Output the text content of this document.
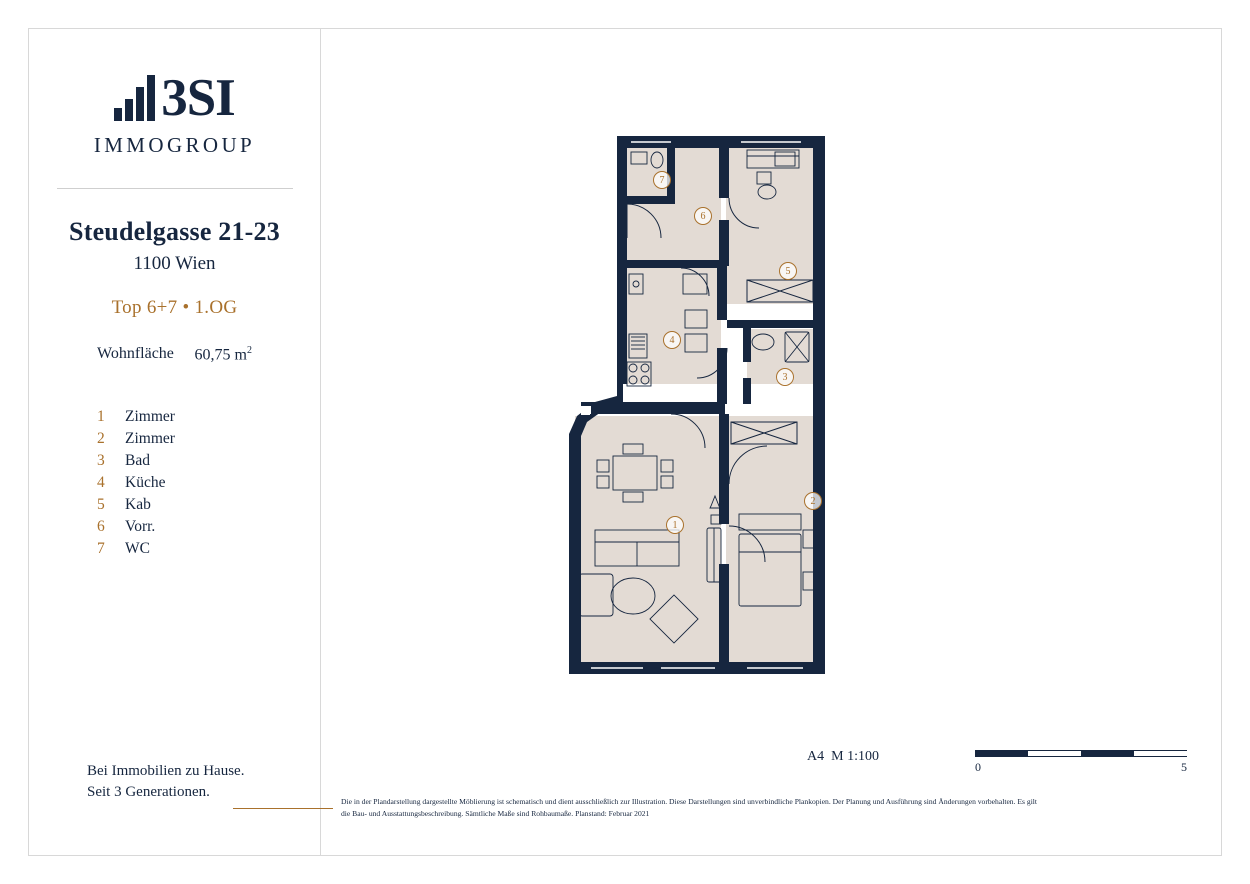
3SI
IMMOGROUP
Steudelgasse 21-23
1100 Wien
Top 6+7 • 1.OG
Wohnfläche 60,75 $m^2$
1	Zimmer
2	Zimmer
3	Bad
4	Küche
5	Kab
6	Vorr.
7	WC
Bei Immobilien zu Hause.
Seit 3 Generationen.
1
2
3
4
5
6
7
A4 M 1:100
0	5
Die in der Plandarstellung dargestellte Möblierung ist schematisch und dient ausschließlich zur Illustration. Diese Darstellungen sind unverbindliche Plankopien. Der Planung und Ausführung sind Änderungen vorbehalten. Es gilt die Bau- und Ausstattungsbeschreibung. Sämtliche Maße sind Rohbaumaße. Planstand: Februar 2021
